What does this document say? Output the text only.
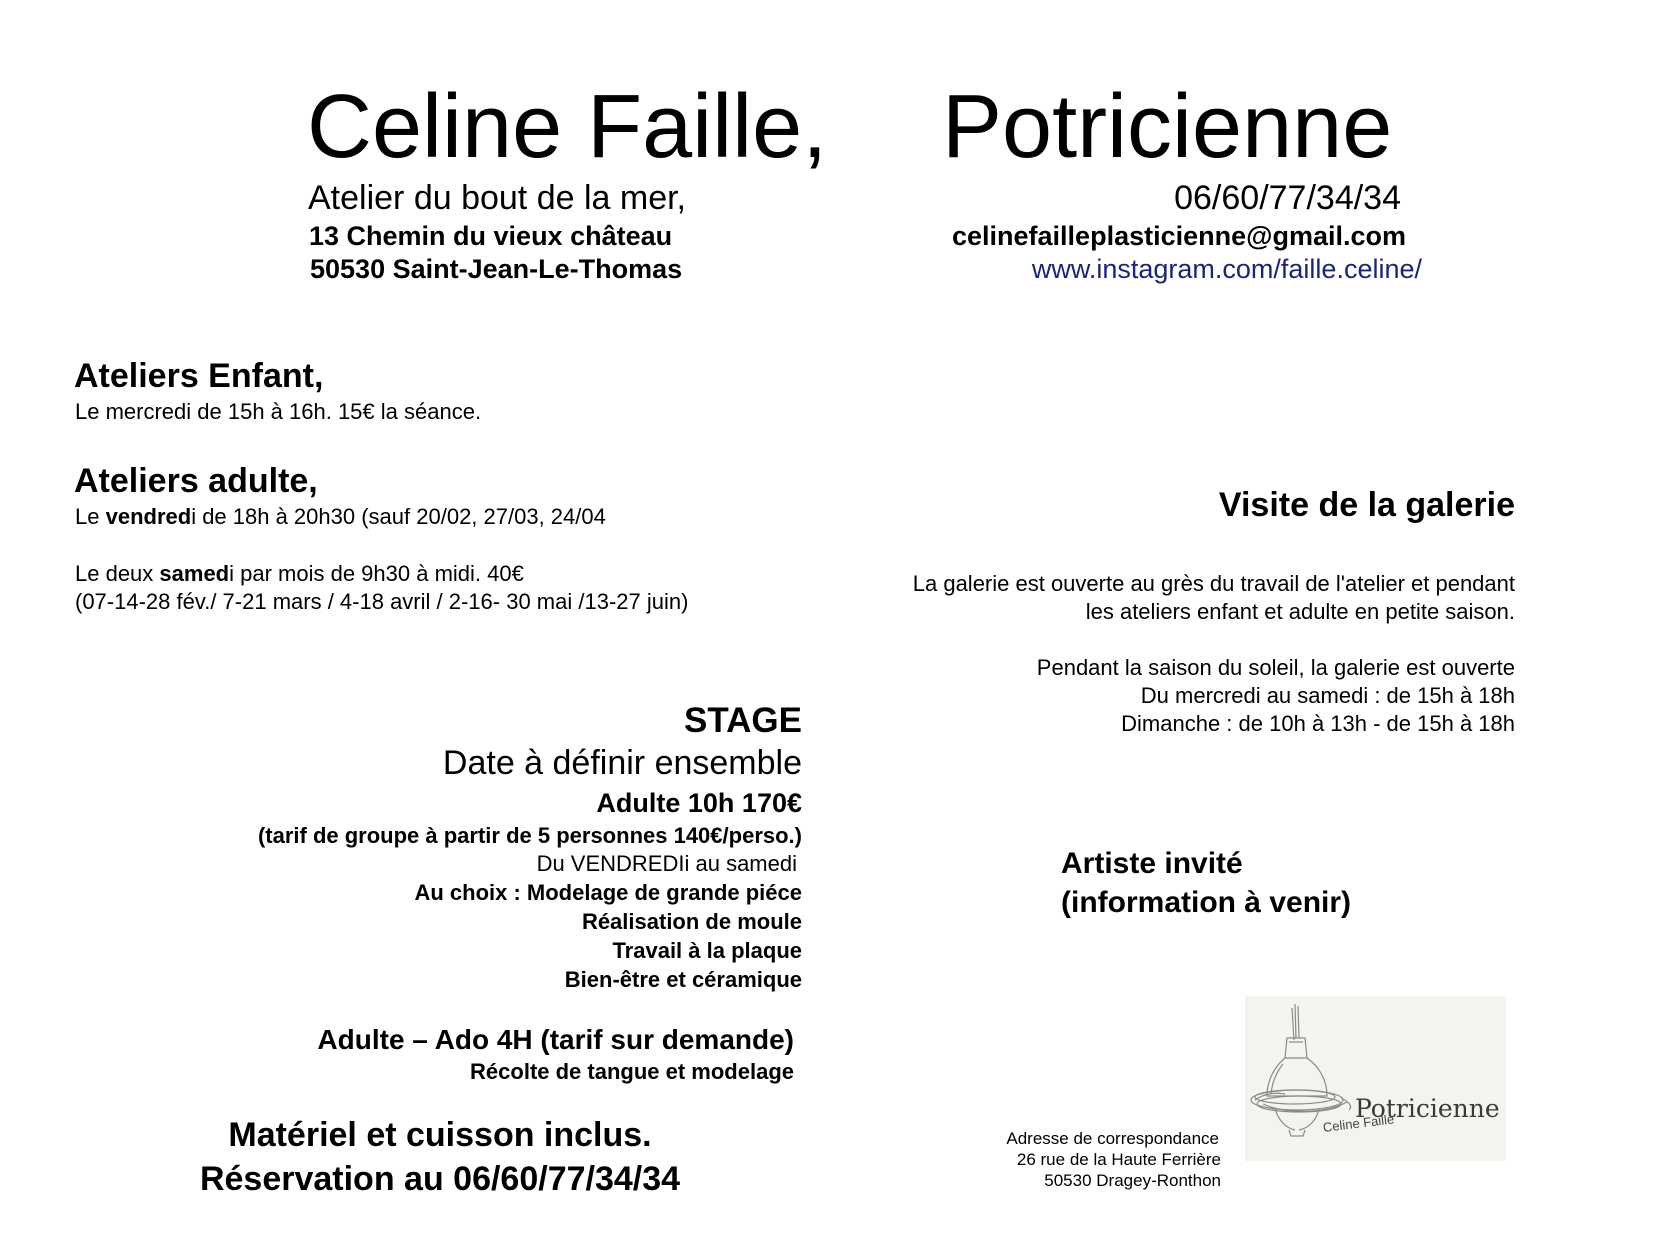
Celine Faille, Potricienne
Atelier du bout de la mer,	06/60/77/34/34
13 Chemin du vieux château
50530 Saint-Jean-Le-Thomas
celinefailleplasticienne@gmail.com
www.instagram.com/faille.celine/
Ateliers Enfant,
Le mercredi de 15h à 16h. 15€ la séance.
Ateliers adulte,
Le vendredi de 18h à 20h30 (sauf 20/02, 27/03, 24/04
Le deux samedi par mois de 9h30 à midi. 40€
(07-14-28 fév./ 7-21 mars / 4-18 avril / 2-16- 30 mai /13-27 juin)
STAGE
Date à définir ensemble
Adulte 10h 170€
(tarif de groupe à partir de 5 personnes 140€/perso.)
Du VENDREDIi au samedi
Au choix : Modelage de grande piéce
Réalisation de moule
Travail à la plaque
Bien-être et céramique
Adulte – Ado 4H (tarif sur demande)
Récolte de tangue et modelage
Matériel et cuisson inclus.
Réservation au 06/60/77/34/34
Visite de la galerie
La galerie est ouverte au grès du travail de l'atelier et pendant
les ateliers enfant et adulte en petite saison.
Pendant la saison du soleil, la galerie est ouverte
Du mercredi au samedi : de 15h à 18h
Dimanche : de 10h à 13h - de 15h à 18h
Artiste invité
(information à venir)
Adresse de correspondance
26 rue de la Haute Ferrière
50530 Dragey-Ronthon
Potricienne
Celine Faille
